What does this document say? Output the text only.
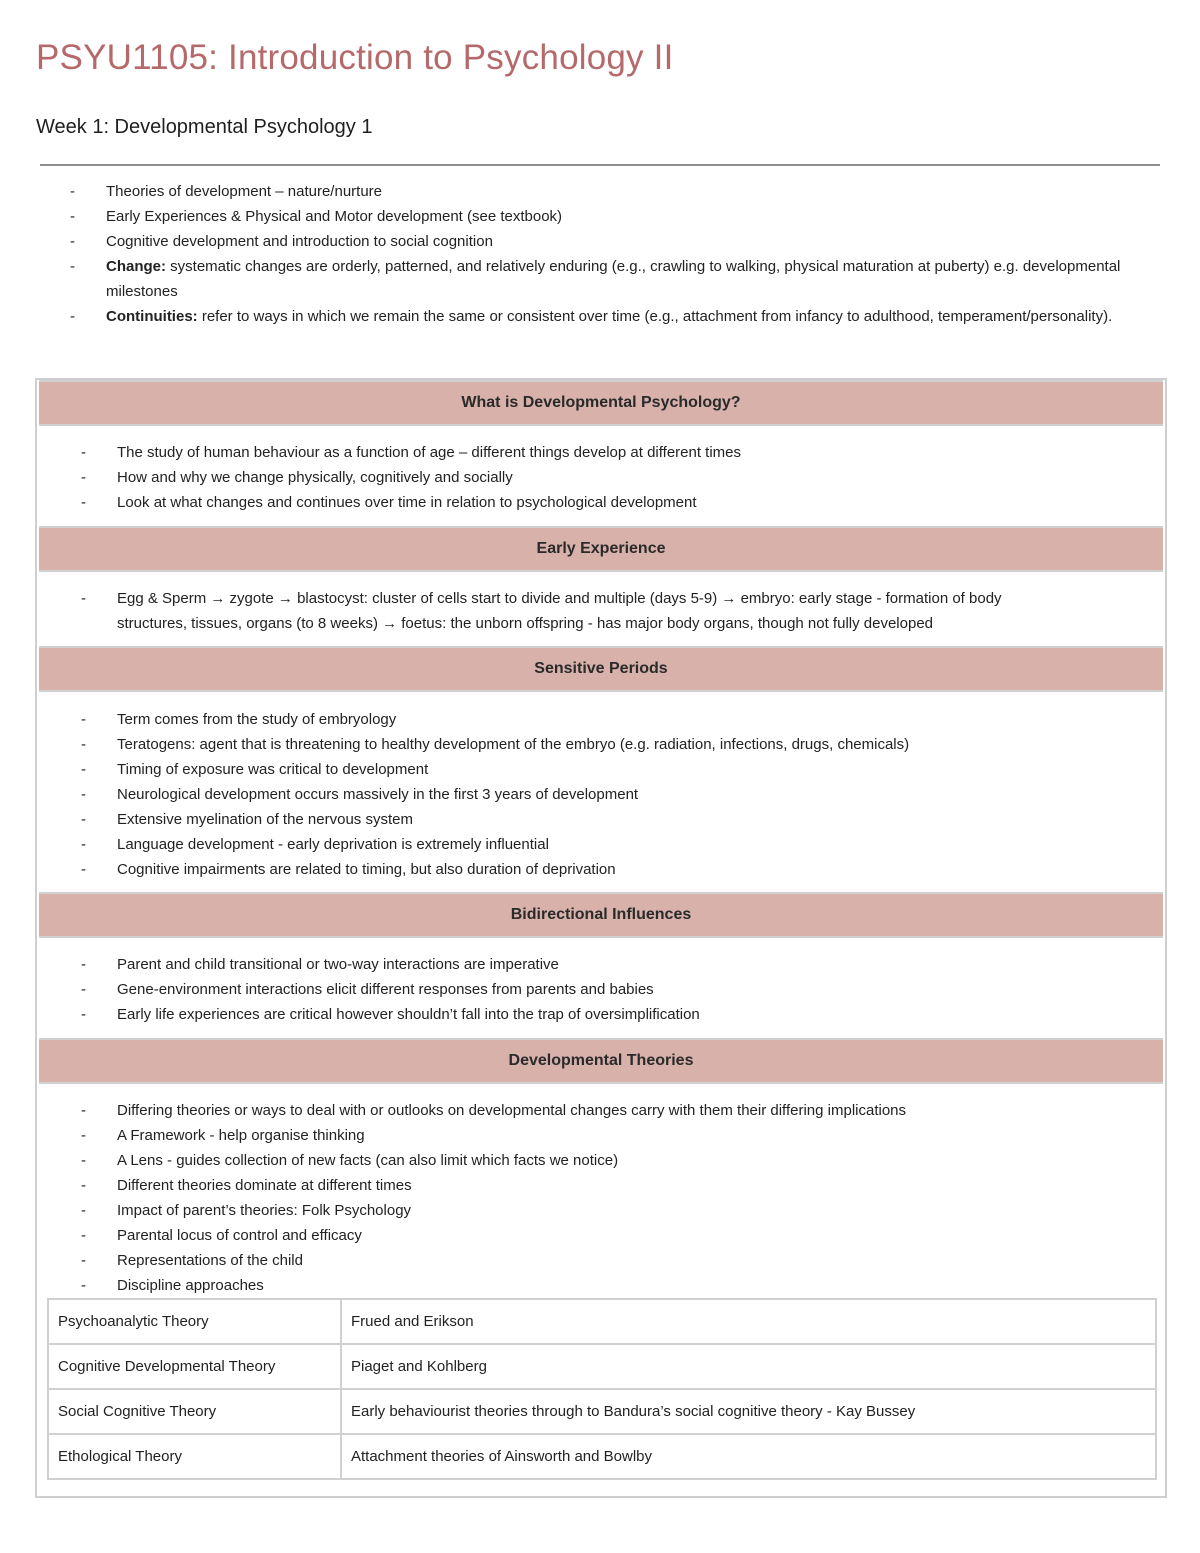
PSYU1105: Introduction to Psychology II
Week 1: Developmental Psychology 1
- Theories of development – nature/nurture
- Early Experiences & Physical and Motor development (see textbook)
- Cognitive development and introduction to social cognition
- Change: systematic changes are orderly, patterned, and relatively enduring (e.g., crawling to walking, physical maturation at puberty) e.g. developmental milestones
- Continuities: refer to ways in which we remain the same or consistent over time (e.g., attachment from infancy to adulthood, temperament/personality).
What is Developmental Psychology?
- The study of human behaviour as a function of age – different things develop at different times
- How and why we change physically, cognitively and socially
- Look at what changes and continues over time in relation to psychological development
Early Experience
- Egg & Sperm → zygote → blastocyst: cluster of cells start to divide and multiple (days 5-9) → embryo: early stage - formation of body
structures, tissues, organs (to 8 weeks) → foetus: the unborn offspring - has major body organs, though not fully developed
Sensitive Periods
- Term comes from the study of embryology
- Teratogens: agent that is threatening to healthy development of the embryo (e.g. radiation, infections, drugs, chemicals)
- Timing of exposure was critical to development
- Neurological development occurs massively in the first 3 years of development
- Extensive myelination of the nervous system
- Language development - early deprivation is extremely influential
- Cognitive impairments are related to timing, but also duration of deprivation
Bidirectional Influences
- Parent and child transitional or two-way interactions are imperative
- Gene-environment interactions elicit different responses from parents and babies
- Early life experiences are critical however shouldn’t fall into the trap of oversimplification
Developmental Theories
- Differing theories or ways to deal with or outlooks on developmental changes carry with them their differing implications
- A Framework - help organise thinking
- A Lens - guides collection of new facts (can also limit which facts we notice)
- Different theories dominate at different times
- Impact of parent’s theories: Folk Psychology
- Parental locus of control and efficacy
- Representations of the child
- Discipline approaches
Psychoanalytic Theory	Frued and Erikson
Cognitive Developmental Theory	Piaget and Kohlberg
Social Cognitive Theory	Early behaviourist theories through to Bandura’s social cognitive theory - Kay Bussey
Ethological Theory	Attachment theories of Ainsworth and Bowlby
